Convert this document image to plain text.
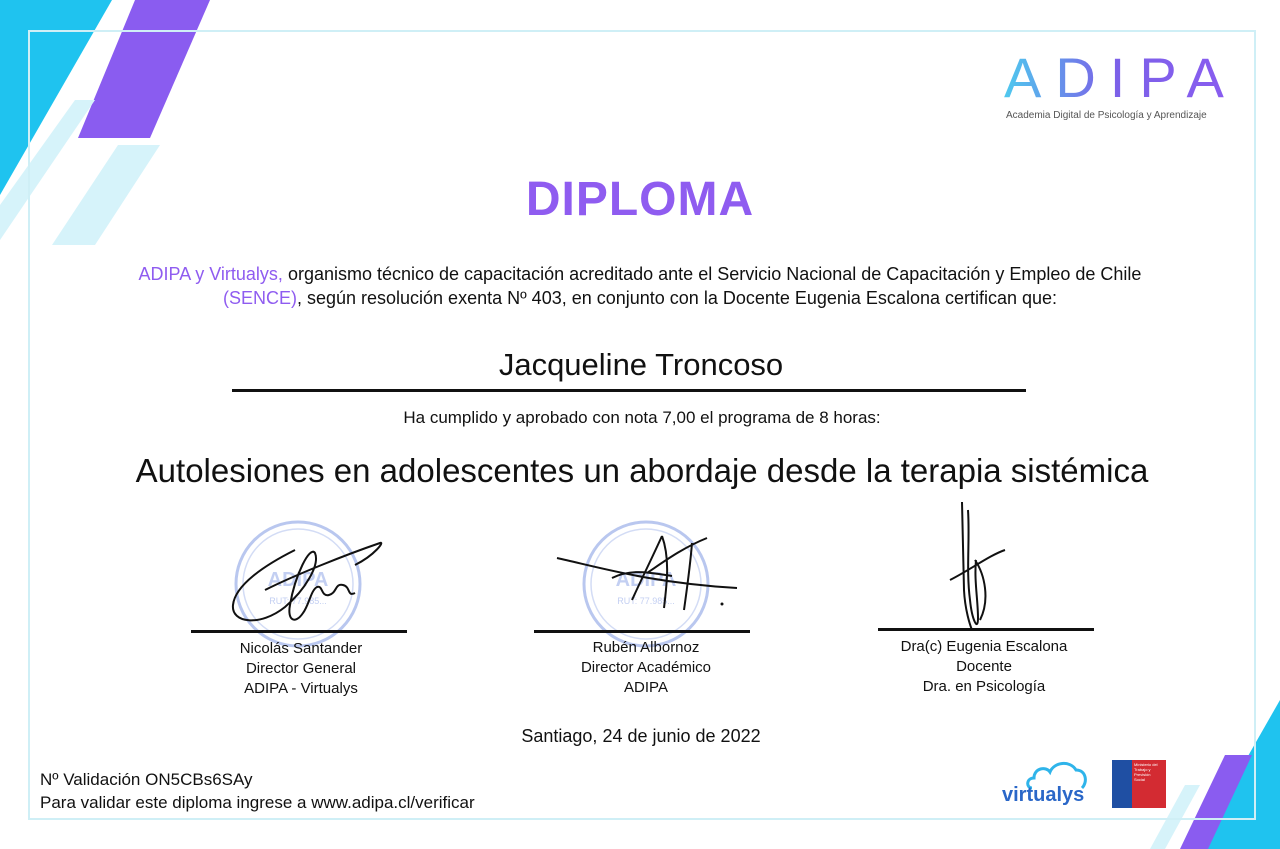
ADIPA
Academia Digital de Psicología y Aprendizaje
DIPLOMA
ADIPA y Virtualys, organismo técnico de capacitación acreditado ante el Servicio Nacional de Capacitación y Empleo de Chile (SENCE), según resolución exenta Nº 403, en conjunto con la Docente Eugenia Escalona certifican que:
Jacqueline Troncoso
Ha cumplido y aprobado con nota 7,00 el programa de 8 horas:
Autolesiones en adolescentes un abordaje desde la terapia sistémica
ADIPA
RUT: 77.985...
ADIPA
RUT: 77.985...
Nicolás Santander
Director General
ADIPA - Virtualys
Rubén Albornoz
Director Académico
ADIPA
Dra(c) Eugenia Escalona
Docente
Dra. en Psicología
Santiago, 24 de junio de 2022
Nº Validación ON5CBs6SAy
Para validar este diploma ingrese a www.adipa.cl/verificar	virtualys
Ministerio del
Trabajo y
Previsión
Social
